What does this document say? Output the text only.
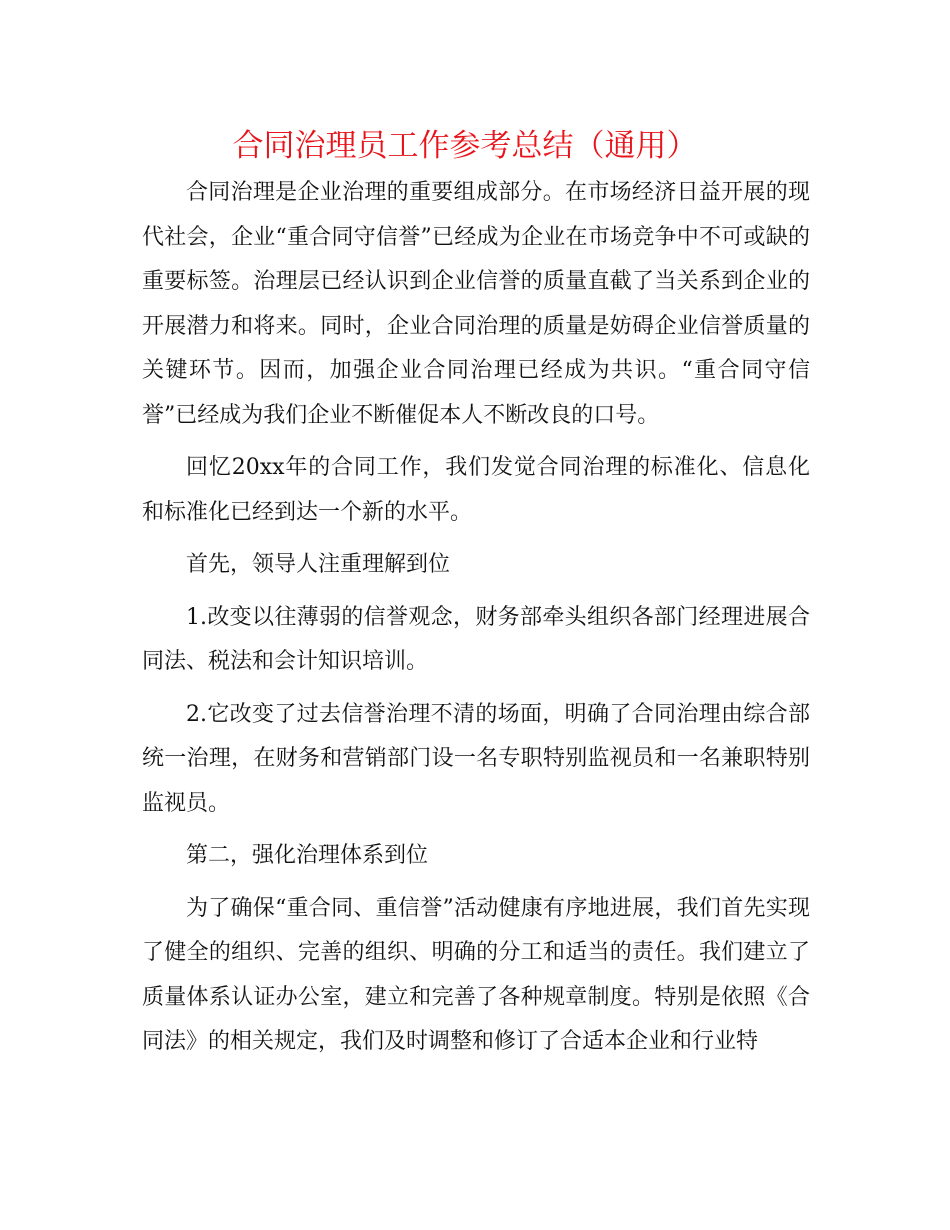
合同治理员工作参考总结（通用）

合同治理是企业治理的重要组成部分。在市场经济日益开展的现代社会，企业“重合同守信誉”已经成为企业在市场竞争中不可或缺的重要标签。治理层已经认识到企业信誉的质量直截了当关系到企业的开展潜力和将来。同时，企业合同治理的质量是妨碍企业信誉质量的关键环节。因而，加强企业合同治理已经成为共识。“重合同守信誉”已经成为我们企业不断催促本人不断改良的口号。

回忆20xx年的合同工作，我们发觉合同治理的标准化、信息化和标准化已经到达一个新的水平。

首先，领导人注重理解到位

1.改变以往薄弱的信誉观念，财务部牵头组织各部门经理进展合同法、税法和会计知识培训。

2.它改变了过去信誉治理不清的场面，明确了合同治理由综合部统一治理，在财务和营销部门设一名专职特别监视员和一名兼职特别监视员。

第二，强化治理体系到位

为了确保“重合同、重信誉”活动健康有序地进展，我们首先实现了健全的组织、完善的组织、明确的分工和适当的责任。我们建立了质量体系认证办公室，建立和完善了各种规章制度。特别是依照《合同法》的相关规定，我们及时调整和修订了合适本企业和行业特
